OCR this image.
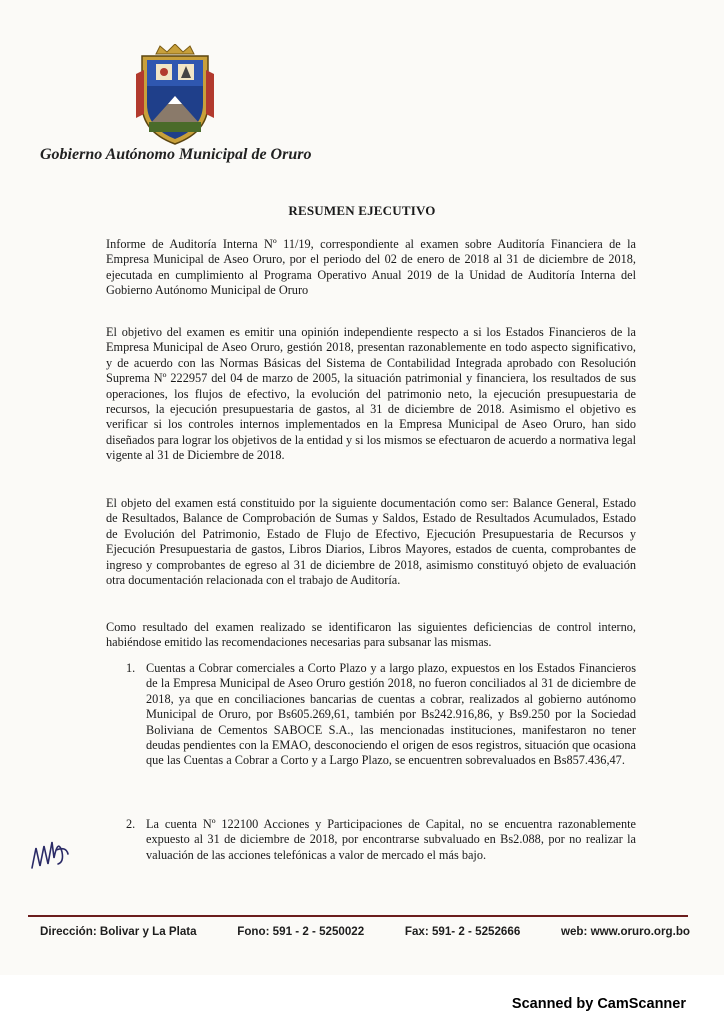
Gobierno Autónomo Municipal de Oruro
RESUMEN EJECUTIVO

Informe de Auditoría Interna Nº 11/19, correspondiente al examen sobre Auditoría Financiera de la Empresa Municipal de Aseo Oruro, por el periodo del 02 de enero de 2018 al 31 de diciembre de 2018, ejecutada en cumplimiento al Programa Operativo Anual 2019 de la Unidad de Auditoría Interna del Gobierno Autónomo Municipal de Oruro

El objetivo del examen es emitir una opinión independiente respecto a si los Estados Financieros de la Empresa Municipal de Aseo Oruro, gestión 2018, presentan razonablemente en todo aspecto significativo, y de acuerdo con las Normas Básicas del Sistema de Contabilidad Integrada aprobado con Resolución Suprema Nº 222957 del 04 de marzo de 2005, la situación patrimonial y financiera, los resultados de sus operaciones, los flujos de efectivo, la evolución del patrimonio neto, la ejecución presupuestaria de recursos, la ejecución presupuestaria de gastos, al 31 de diciembre de 2018. Asimismo el objetivo es verificar si los controles internos implementados en la Empresa Municipal de Aseo Oruro, han sido diseñados para lograr los objetivos de la entidad y si los mismos se efectuaron de acuerdo a normativa legal vigente al 31 de Diciembre de 2018.

El objeto del examen está constituido por la siguiente documentación como ser: Balance General, Estado de Resultados, Balance de Comprobación de Sumas y Saldos, Estado de Resultados Acumulados, Estado de Evolución del Patrimonio, Estado de Flujo de Efectivo, Ejecución Presupuestaria de Recursos y Ejecución Presupuestaria de gastos, Libros Diarios, Libros Mayores, estados de cuenta, comprobantes de ingreso y comprobantes de egreso al 31 de diciembre de 2018, asimismo constituyó objeto de evaluación otra documentación relacionada con el trabajo de Auditoría.

Como resultado del examen realizado se identificaron las siguientes deficiencias de control interno, habiéndose emitido las recomendaciones necesarias para subsanar las mismas.

1. Cuentas a Cobrar comerciales a Corto Plazo y a largo plazo, expuestos en los Estados Financieros de la Empresa Municipal de Aseo Oruro gestión 2018, no fueron conciliados al 31 de diciembre de 2018, ya que en conciliaciones bancarias de cuentas a cobrar, realizados al gobierno autónomo Municipal de Oruro, por Bs605.269,61, también por Bs242.916,86, y Bs9.250 por la Sociedad Boliviana de Cementos SABOCE S.A., las mencionadas instituciones, manifestaron no tener deudas pendientes con la EMAO, desconociendo el origen de esos registros, situación que ocasiona que las Cuentas a Cobrar a Corto y a Largo Plazo, se encuentren sobrevaluados en Bs857.436,47.

2. La cuenta Nº 122100 Acciones y Participaciones de Capital, no se encuentra razonablemente expuesto al 31 de diciembre de 2018, por encontrarse subvaluado en Bs2.088, por no realizar la valuación de las acciones telefónicas a valor de mercado el más bajo.

Dirección: Bolivar y La Plata	Fono: 591 - 2 - 5250022	Fax: 591- 2 - 5252666	web: www.oruro.org.bo
Scanned by CamScanner
